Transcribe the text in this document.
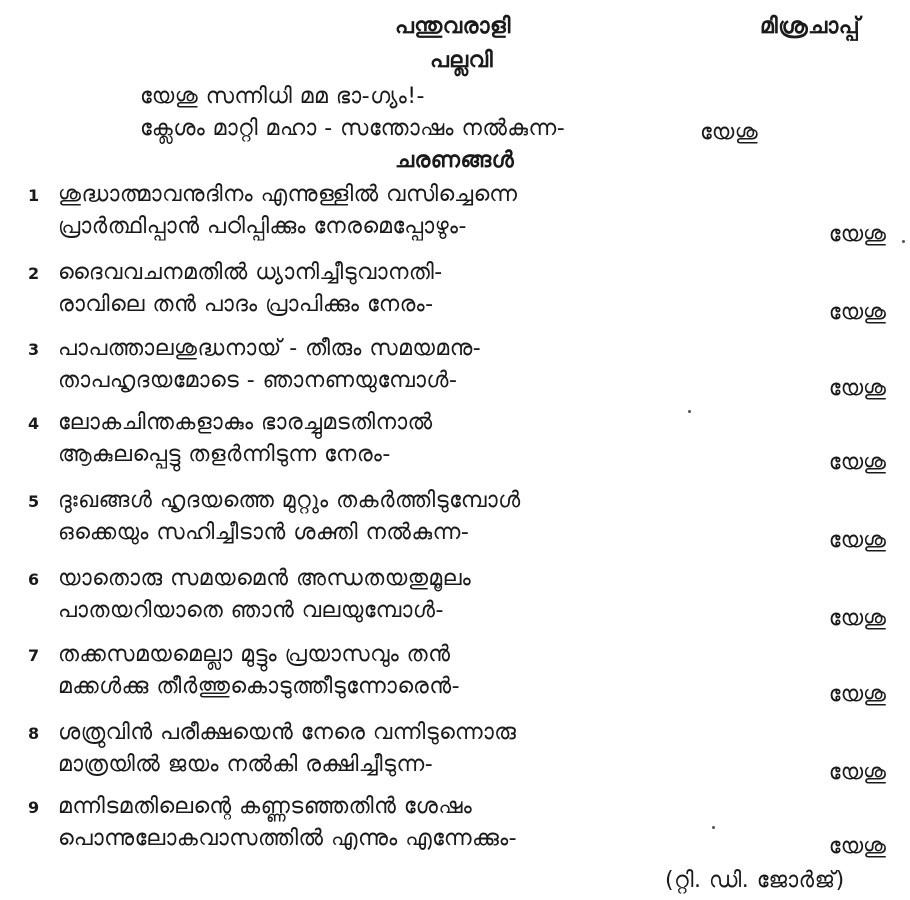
പന്തുവരാളി	മിശ്രചാപ്പ്
പല്ലവി
യേശു സന്നിധി മമ ഭാ-ഗ്യം!-
ക്ലേശം മാറ്റി മഹാ - സന്തോഷം നൽകുന്ന-	യേശു
ചരണങ്ങൾ
1 ശുദ്ധാത്മാവനുദിനം എന്നുള്ളിൽ വസിച്ചെന്നെ
പ്രാർത്ഥിപ്പാൻ പഠിപ്പിക്കും നേരമെപ്പോഴും-	യേശു
2 ദൈവവചനമതിൽ ധ്യാനിച്ചീടുവാനതി-
രാവിലെ തൻ പാദം പ്രാപിക്കും നേരം-	യേശു
3 പാപത്താലശുദ്ധനായ് - തീരും സമയമനു-
താപഹൃദയമോടെ - ഞാനണയുമ്പോൾ-	യേശു
4 ലോകചിന്തകളാകും ഭാരച്ചുമടതിനാൽ
ആകുലപ്പെട്ടു തളർന്നിടുന്ന നേരം-	യേശു
5 ദുഃഖങ്ങൾ ഹൃദയത്തെ മുറ്റും തകർത്തിടുമ്പോൾ
ഒക്കെയും സഹിച്ചീടാൻ ശക്തി നൽകുന്ന-	യേശു
6 യാതൊരു സമയമെൻ അന്ധതയതുമൂലം
പാതയറിയാതെ ഞാൻ വലയുമ്പോൾ-	യേശു
7 തക്കസമയമെല്ലാ മുട്ടും പ്രയാസവും തൻ
മക്കൾക്കു തീർത്തുകൊടുത്തീടുന്നോരെൻ-	യേശു
8 ശത്രുവിൻ പരീക്ഷയെൻ നേരെ വന്നിടുന്നൊരു
മാത്രയിൽ ജയം നൽകി രക്ഷിച്ചീടുന്ന-	യേശു
9 മന്നിടമതിലെന്റെ കണ്ണടഞ്ഞതിൻ ശേഷം
പൊന്നുലോകവാസത്തിൽ എന്നും എന്നേക്കും-	യേശു
(റ്റി. ഡി. ജോർജ്)
